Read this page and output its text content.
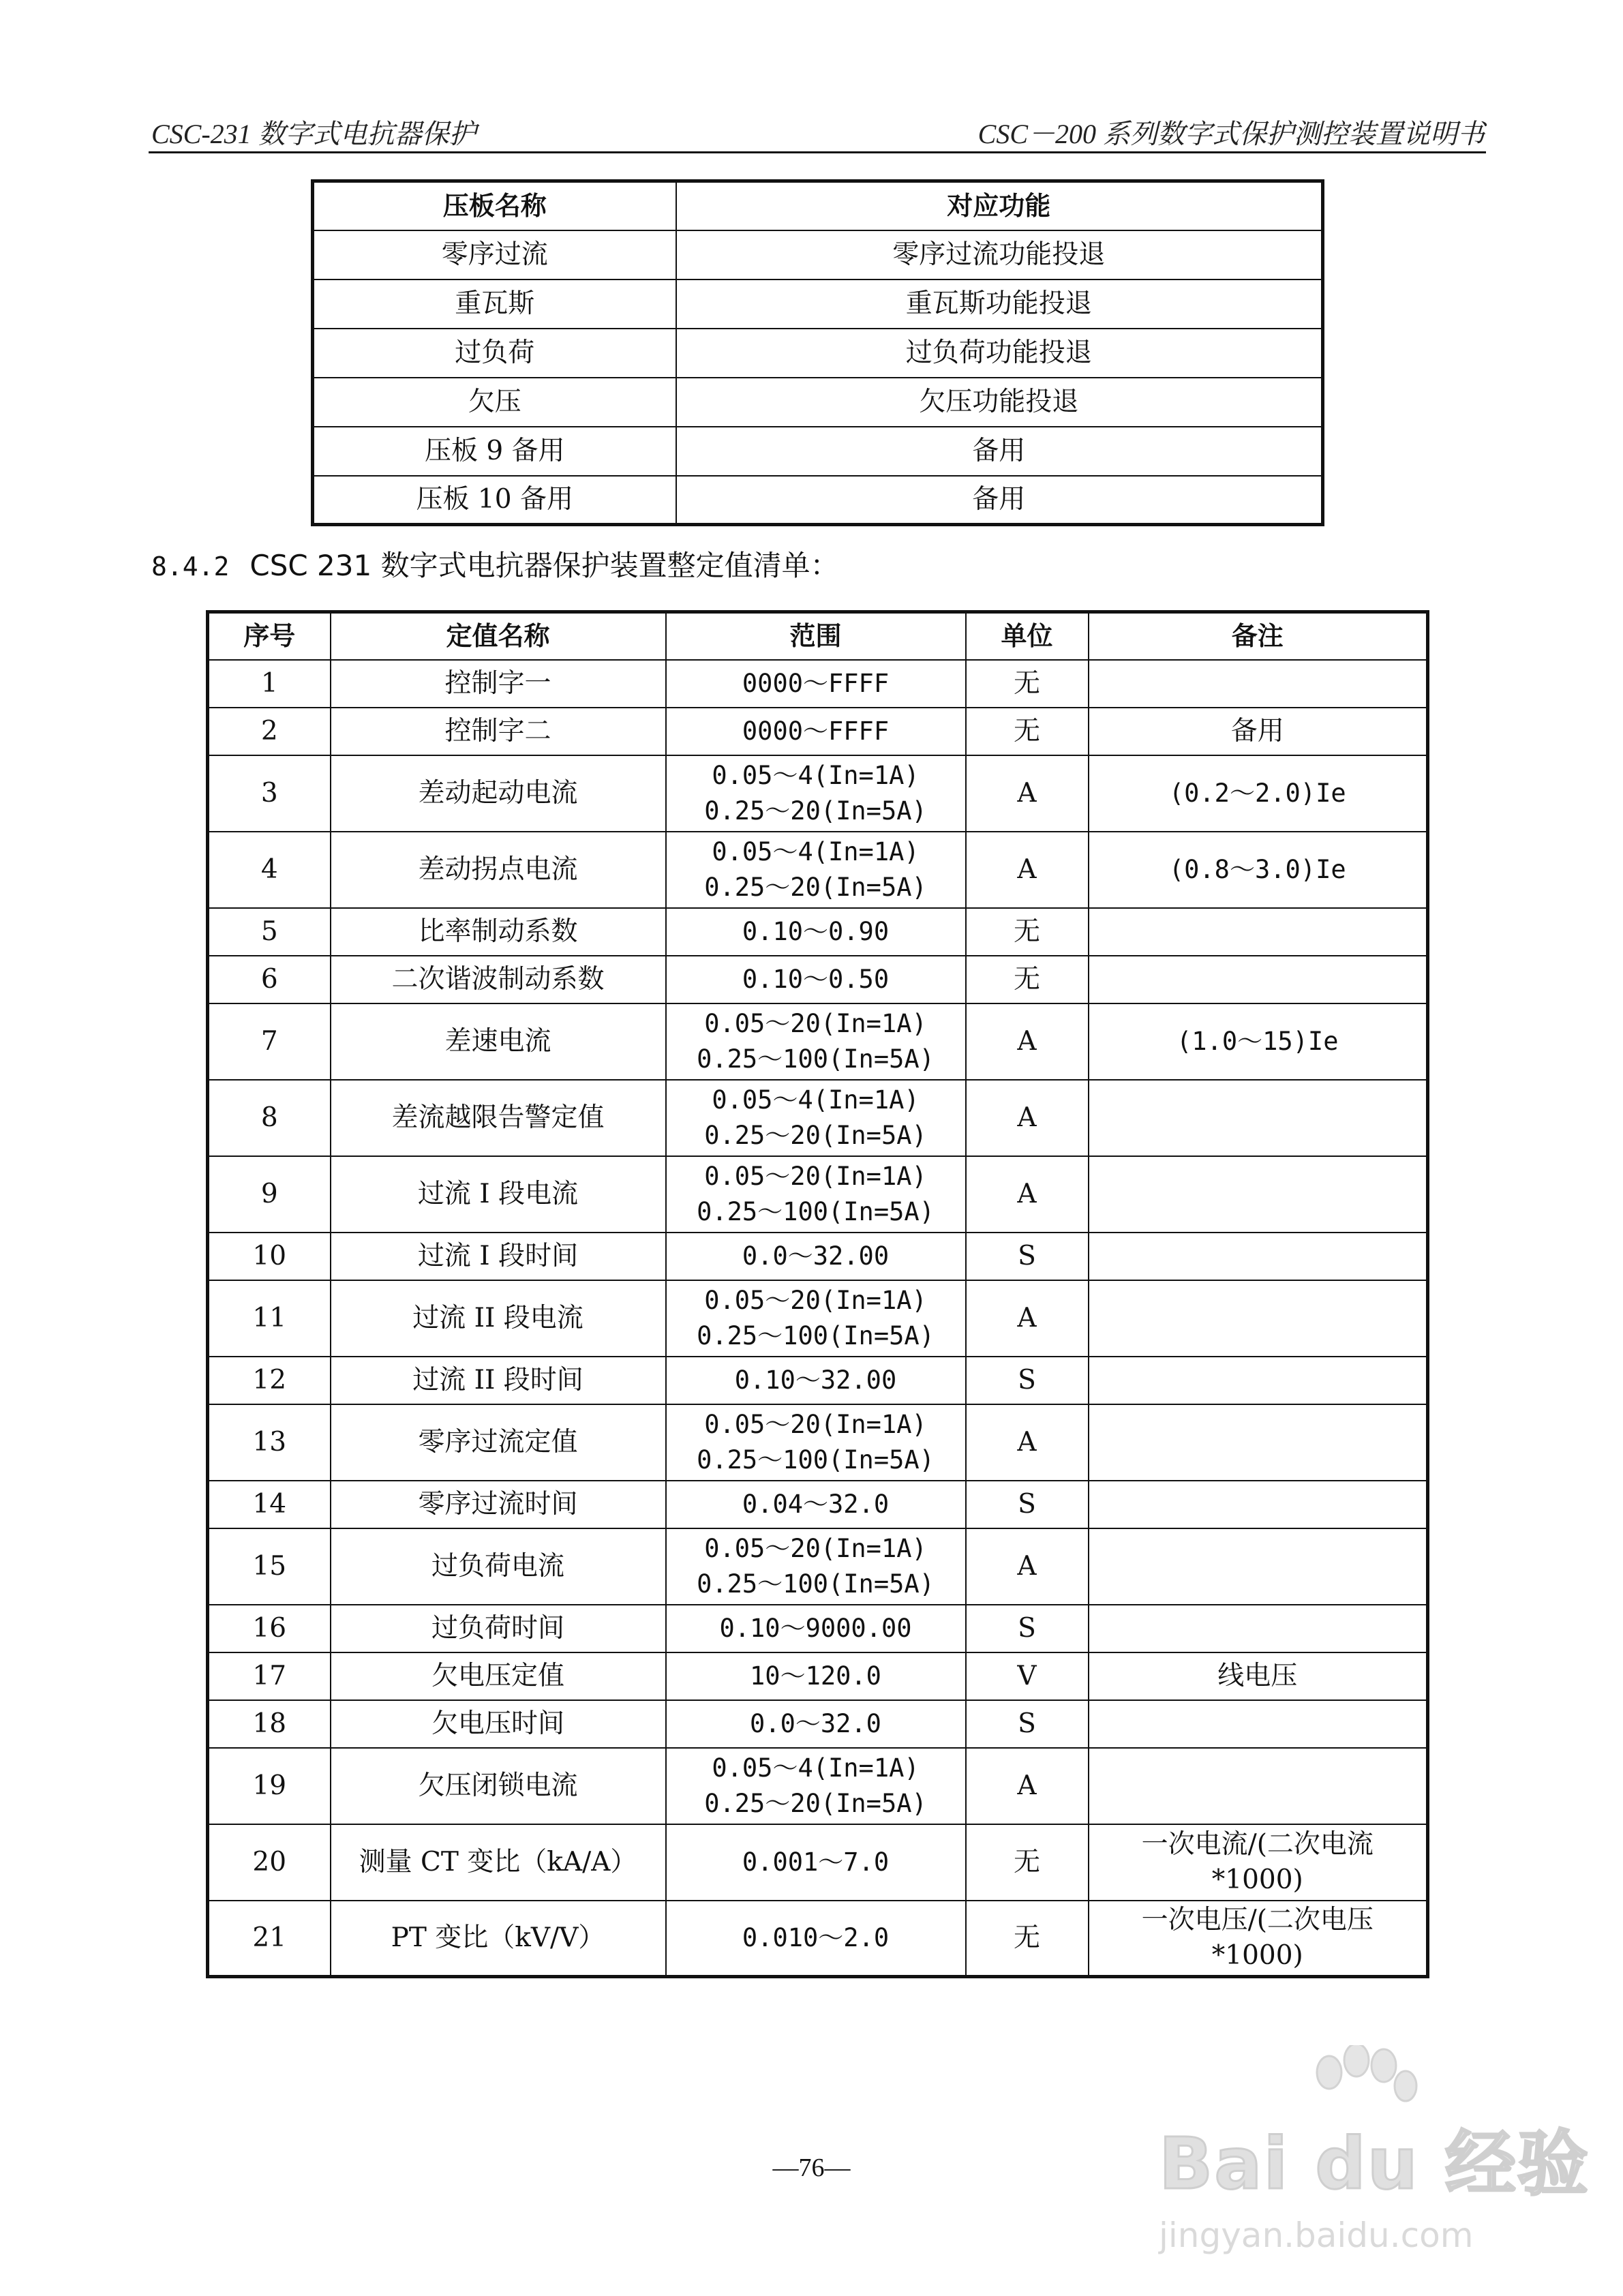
CSC-231 数字式电抗器保护	CSC－200 系列数字式保护测控装置说明书
压板名称	对应功能
零序过流	零序过流功能投退
重瓦斯	重瓦斯功能投退
过负荷	过负荷功能投退
欠压	欠压功能投退
压板 9 备用	备用
压板 10 备用	备用
8.4.2 CSC 231 数字式电抗器保护装置整定值清单：
序号	定值名称	范围	单位	备注
1	控制字一	0000～FFFF	无	

2	控制字二	0000～FFFF	无	备用

3	差动起动电流	0.05～4(In=1A)
0.25～20(In=5A)	A	(0.2～2.0)Ie

4	差动拐点电流	0.05～4(In=1A)
0.25～20(In=5A)	A	(0.8～3.0)Ie

5	比率制动系数	0.10～0.90	无	

6	二次谐波制动系数	0.10～0.50	无	

7	差速电流	0.05～20(In=1A)
0.25～100(In=5A)	A	(1.0～15)Ie

8	差流越限告警定值	0.05～4(In=1A)
0.25～20(In=5A)	A	

9	过流 I 段电流	0.05～20(In=1A)
0.25～100(In=5A)	A	

10	过流 I 段时间	0.0～32.00	S	

11	过流 II 段电流	0.05～20(In=1A)
0.25～100(In=5A)	A	

12	过流 II 段时间	0.10～32.00	S	

13	零序过流定值	0.05～20(In=1A)
0.25～100(In=5A)	A	

14	零序过流时间	0.04～32.0	S	

15	过负荷电流	0.05～20(In=1A)
0.25～100(In=5A)	A	

16	过负荷时间	0.10～9000.00	S	

17	欠电压定值	10～120.0	V	线电压

18	欠电压时间	0.0～32.0	S	

19	欠压闭锁电流	0.05～4(In=1A)
0.25～20(In=5A)	A	

20	测量 CT 变比（kA/A）	0.001～7.0	无	一次电流/(二次电流
*1000)

21	PT 变比（kV/V）	0.010～2.0	无	一次电压/(二次电压
*1000)
—76—	Bai du 经验
jingyan.baidu.com
